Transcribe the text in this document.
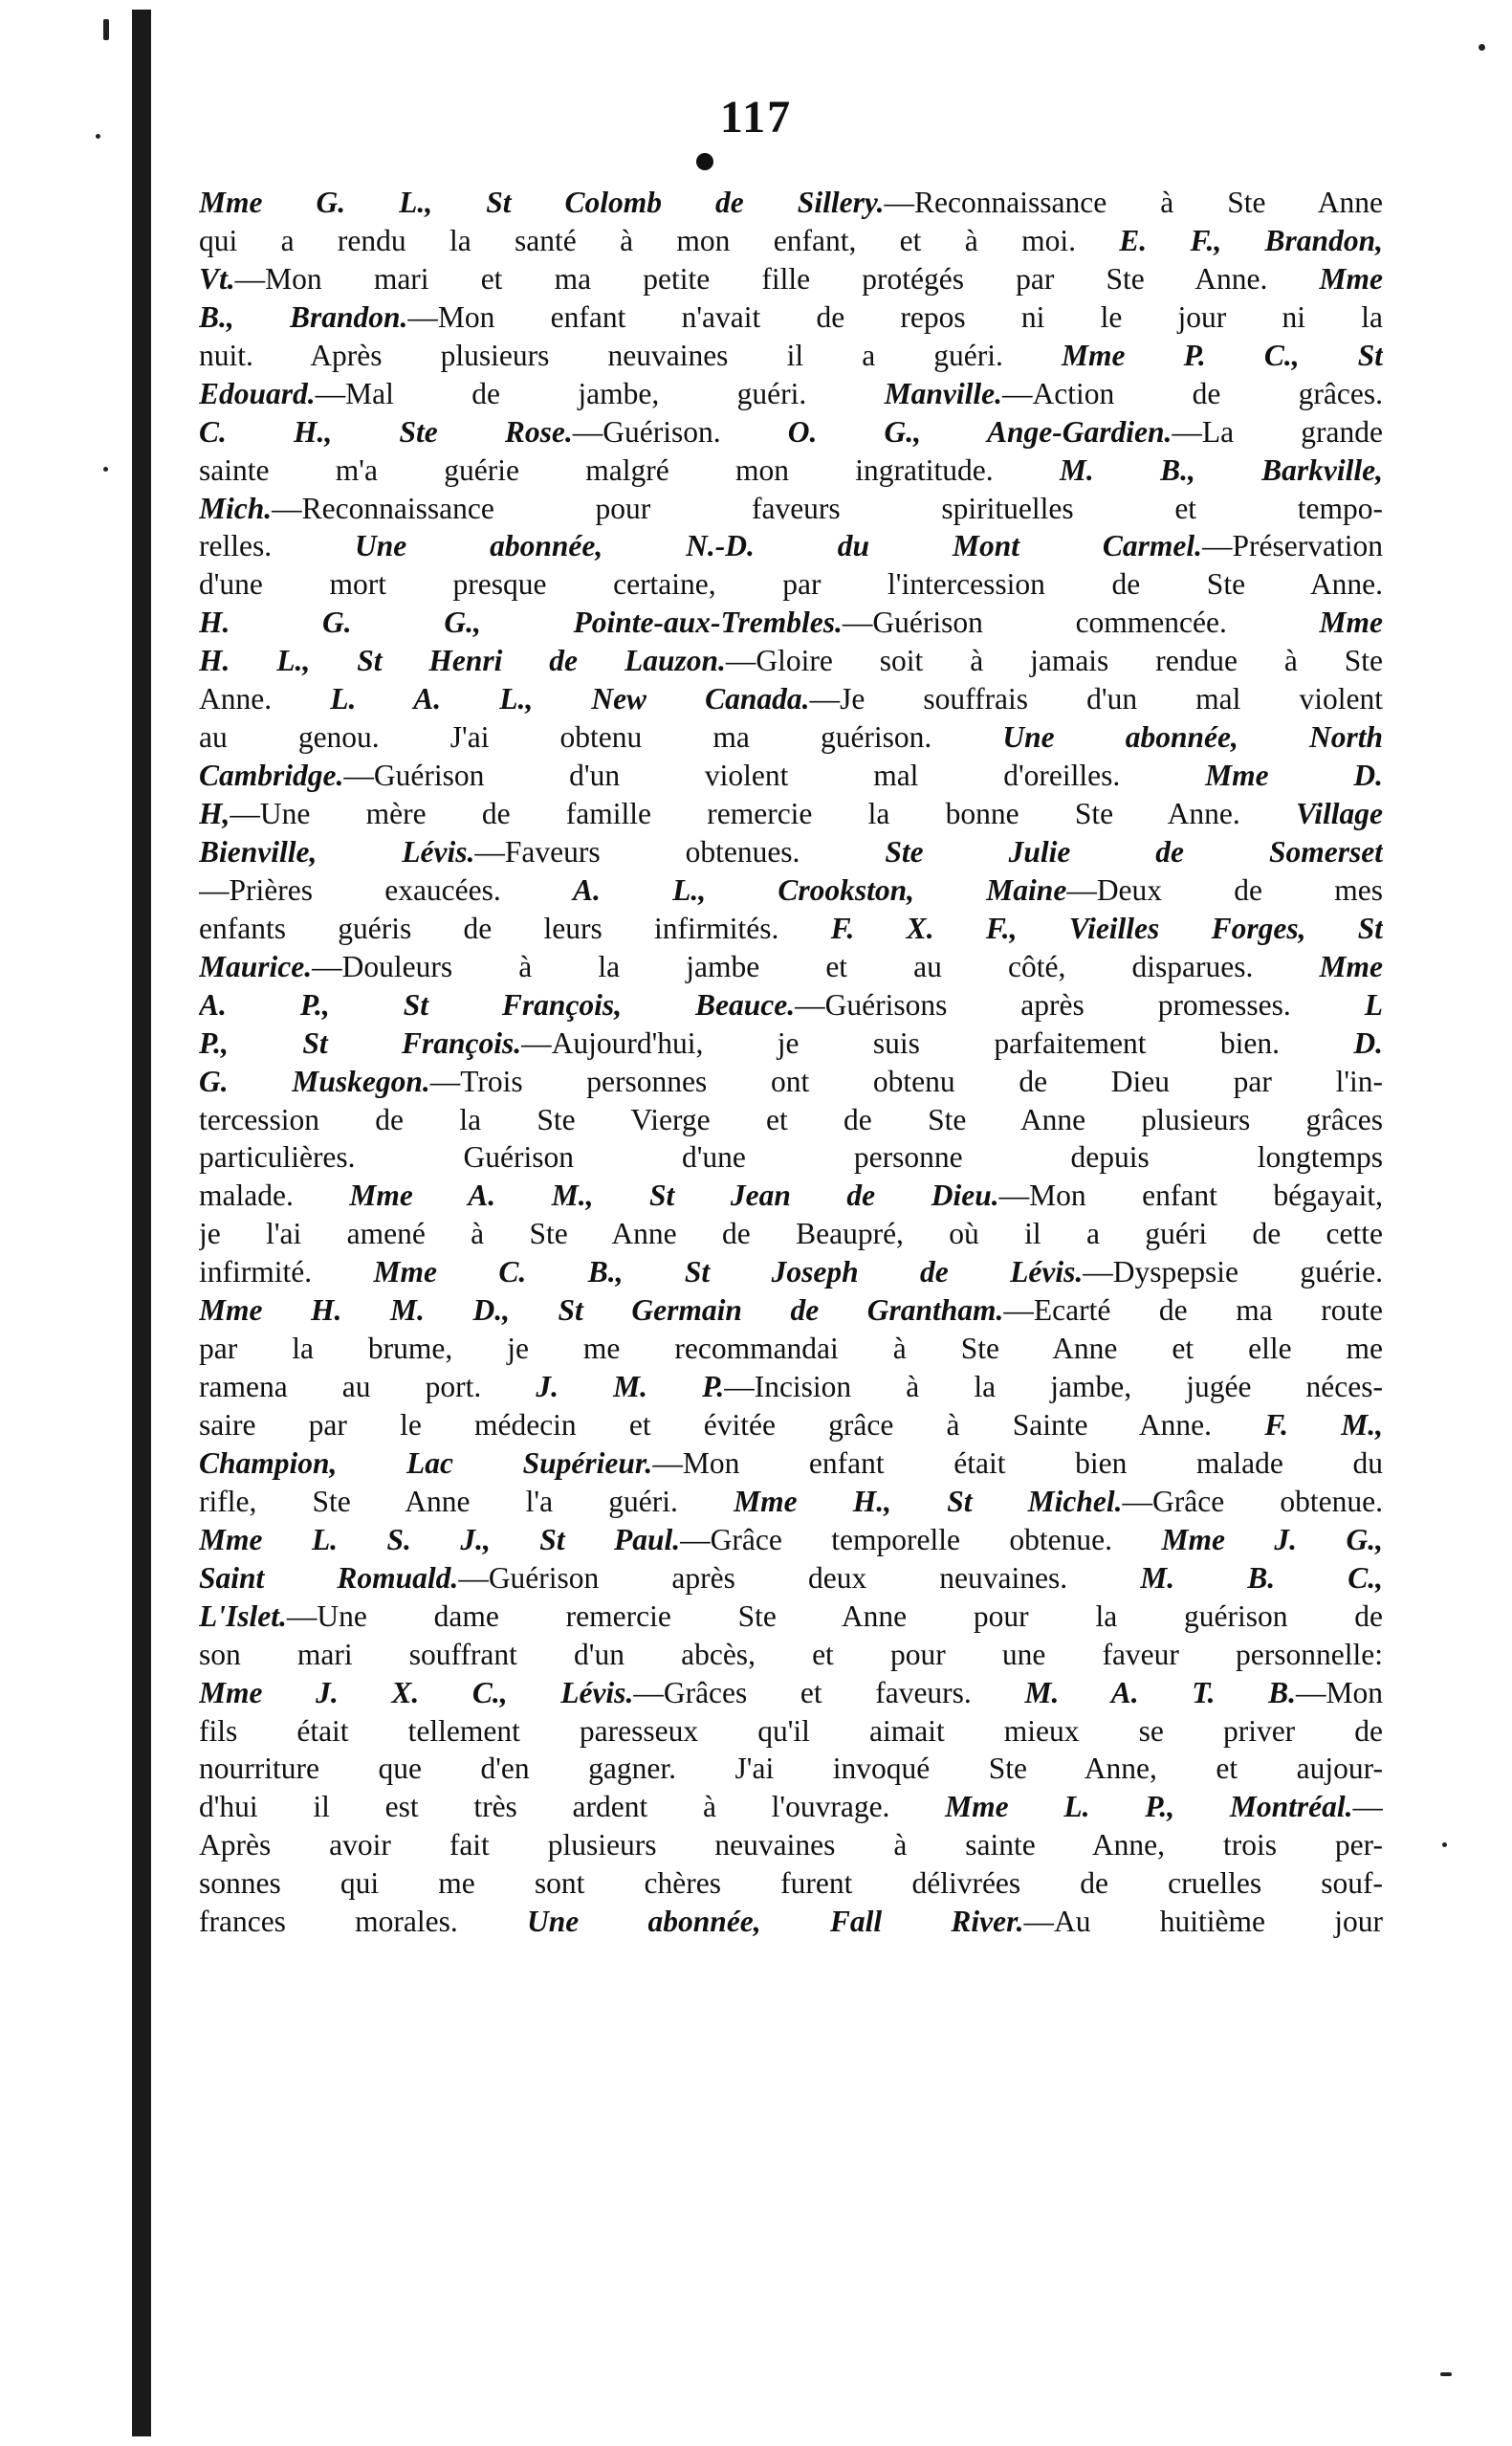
117
Mme G. L., St Colomb de Sillery.—Reconnaissance à Ste Anne
qui a rendu la santé à mon enfant, et à moi. E. F., Brandon,
Vt.—Mon mari et ma petite fille protégés par Ste Anne. Mme
B., Brandon.—Mon enfant n'avait de repos ni le jour ni la
nuit. Après plusieurs neuvaines il a guéri. Mme P. C., St
Edouard.—Mal de jambe, guéri. Manville.—Action de grâces.
C. H., Ste Rose.—Guérison. O. G., Ange-Gardien.—La grande
sainte m'a guérie malgré mon ingratitude. M. B., Barkville,
Mich.—Reconnaissance pour faveurs spirituelles et tempo-
relles. Une abonnée, N.-D. du Mont Carmel.—Préservation
d'une mort presque certaine, par l'intercession de Ste Anne.
H. G. G., Pointe-aux-Trembles.—Guérison commencée. Mme
H. L., St Henri de Lauzon.—Gloire soit à jamais rendue à Ste
Anne. L. A. L., New Canada.—Je souffrais d'un mal violent
au genou. J'ai obtenu ma guérison. Une abonnée, North
Cambridge.—Guérison d'un violent mal d'oreilles. Mme D.
H,—Une mère de famille remercie la bonne Ste Anne. Village
Bienville, Lévis.—Faveurs obtenues. Ste Julie de Somerset
—Prières exaucées. A. L., Crookston, Maine—Deux de mes
enfants guéris de leurs infirmités. F. X. F., Vieilles Forges, St
Maurice.—Douleurs à la jambe et au côté, disparues. Mme
A. P., St François, Beauce.—Guérisons après promesses. L
P., St François.—Aujourd'hui, je suis parfaitement bien. D.
G. Muskegon.—Trois personnes ont obtenu de Dieu par l'in-
tercession de la Ste Vierge et de Ste Anne plusieurs grâces
particulières. Guérison d'une personne depuis longtemps
malade. Mme A. M., St Jean de Dieu.—Mon enfant bégayait,
je l'ai amené à Ste Anne de Beaupré, où il a guéri de cette
infirmité. Mme C. B., St Joseph de Lévis.—Dyspepsie guérie.
Mme H. M. D., St Germain de Grantham.—Ecarté de ma route
par la brume, je me recommandai à Ste Anne et elle me
ramena au port. J. M. P.—Incision à la jambe, jugée néces-
saire par le médecin et évitée grâce à Sainte Anne. F. M.,
Champion, Lac Supérieur.—Mon enfant était bien malade du
rifle, Ste Anne l'a guéri. Mme H., St Michel.—Grâce obtenue.
Mme L. S. J., St Paul.—Grâce temporelle obtenue. Mme J. G.,
Saint Romuald.—Guérison après deux neuvaines. M. B. C.,
L'Islet.—Une dame remercie Ste Anne pour la guérison de
son mari souffrant d'un abcès, et pour une faveur personnelle:
Mme J. X. C., Lévis.—Grâces et faveurs. M. A. T. B.—Mon
fils était tellement paresseux qu'il aimait mieux se priver de
nourriture que d'en gagner. J'ai invoqué Ste Anne, et aujour-
d'hui il est très ardent à l'ouvrage. Mme L. P., Montréal.—
Après avoir fait plusieurs neuvaines à sainte Anne, trois per-
sonnes qui me sont chères furent délivrées de cruelles souf-
frances morales. Une abonnée, Fall River.—Au huitième jour
